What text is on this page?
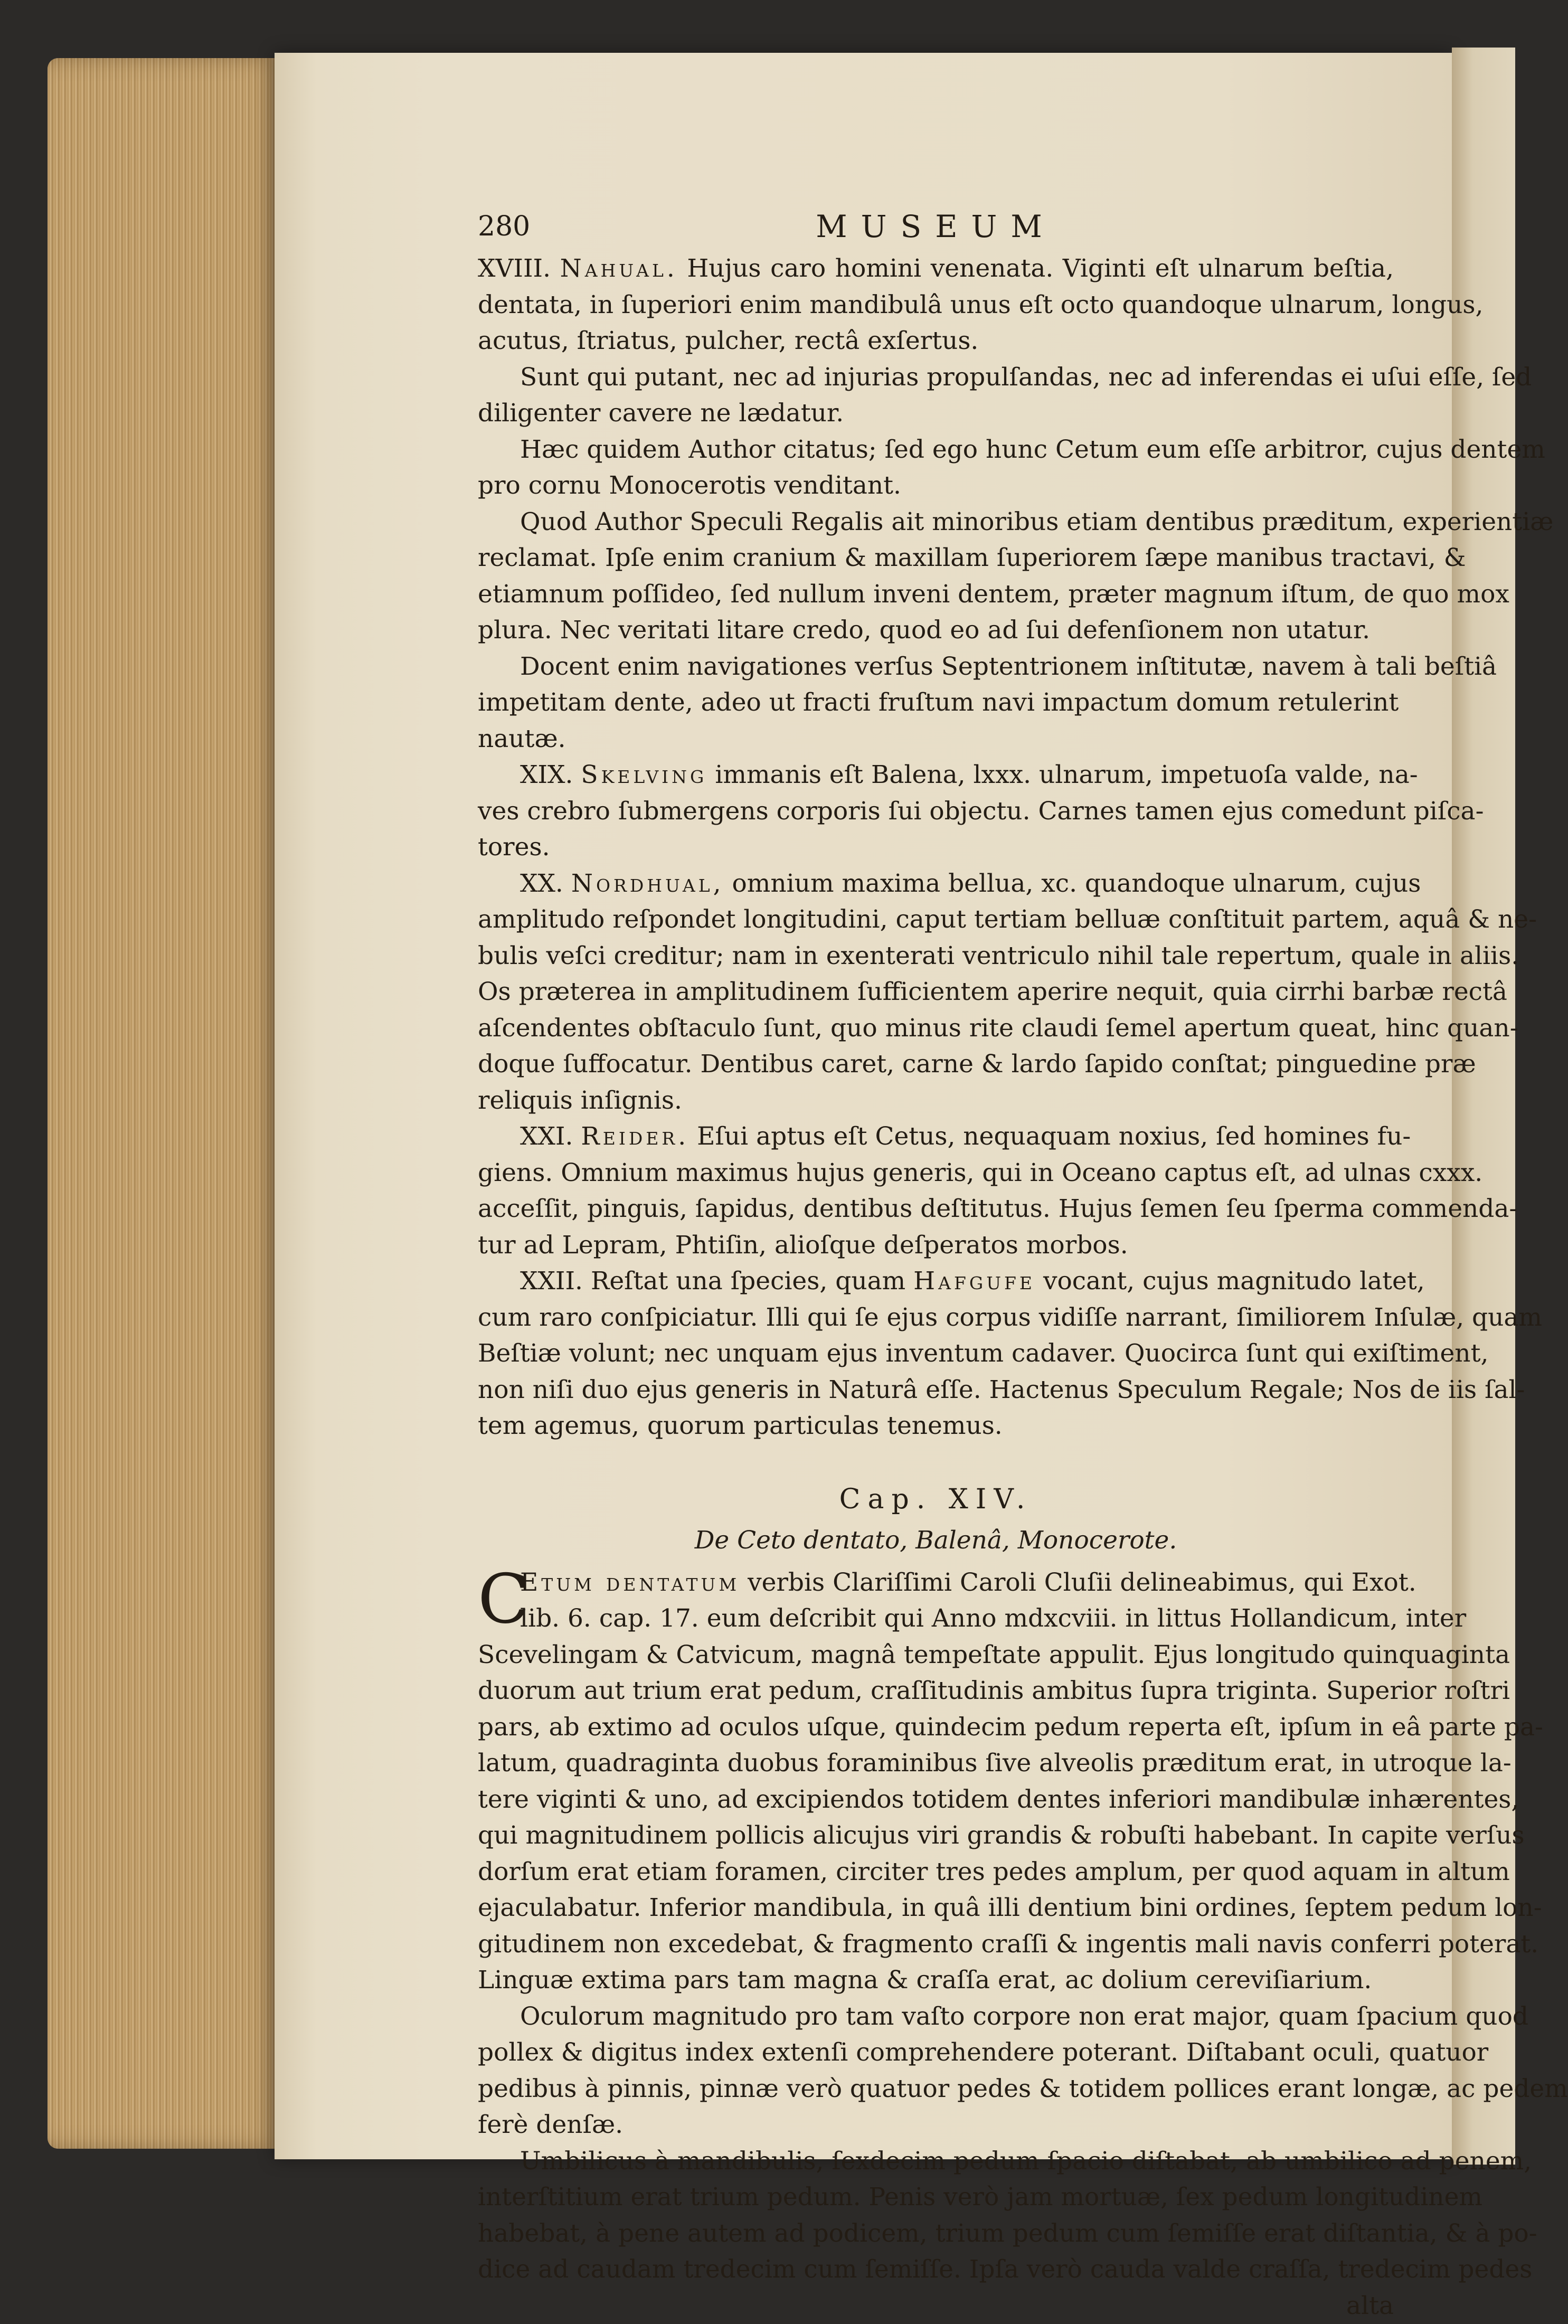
280	MUSEUM
XVIII. Nahual. Hujus caro homini venenata. Viginti eſt ulnarum beſtia,
dentata, in ſuperiori enim mandibulâ unus eſt octo quandoque ulnarum, longus,
acutus, ſtriatus, pulcher, rectâ exſertus.
Sunt qui putant, nec ad injurias propulſandas, nec ad inferendas ei uſui eſſe, ſed
diligenter cavere ne lædatur.
Hæc quidem Author citatus; ſed ego hunc Cetum eum eſſe arbitror, cujus dentem
pro cornu Monocerotis venditant.
Quod Author Speculi Regalis ait minoribus etiam dentibus præditum, experientiæ
reclamat. Ipſe enim cranium & maxillam ſuperiorem ſæpe manibus tractavi, &
etiamnum poſſideo, ſed nullum inveni dentem, præter magnum iſtum, de quo mox
plura. Nec veritati litare credo, quod eo ad ſui defenſionem non utatur.
Docent enim navigationes verſus Septentrionem inſtitutæ, navem à tali beſtiâ
impetitam dente, adeo ut fracti fruſtum navi impactum domum retulerint
nautæ.
XIX. Skelving immanis eſt Balena, lxxx. ulnarum, impetuoſa valde, na-
ves crebro ſubmergens corporis ſui objectu. Carnes tamen ejus comedunt piſca-
tores.
XX. Nordhual, omnium maxima bellua, xc. quandoque ulnarum, cujus
amplitudo reſpondet longitudini, caput tertiam belluæ conſtituit partem, aquâ & ne-
bulis veſci creditur; nam in exenterati ventriculo nihil tale repertum, quale in aliis.
Os præterea in amplitudinem ſufficientem aperire nequit, quia cirrhi barbæ rectâ
aſcendentes obſtaculo ſunt, quo minus rite claudi ſemel apertum queat, hinc quan-
doque ſuffocatur. Dentibus caret, carne & lardo ſapido conſtat; pinguedine præ
reliquis inſignis.
XXI. Reider. Eſui aptus eſt Cetus, nequaquam noxius, ſed homines fu-
giens. Omnium maximus hujus generis, qui in Oceano captus eſt, ad ulnas cxxx.
acceſſit, pinguis, ſapidus, dentibus deſtitutus. Hujus ſemen ſeu ſperma commenda-
tur ad Lepram, Phtiſin, alioſque deſperatos morbos.
XXII. Reſtat una ſpecies, quam Hafgufe vocant, cujus magnitudo latet,
cum raro conſpiciatur. Illi qui ſe ejus corpus vidiſſe narrant, ſimiliorem Inſulæ, quam
Beſtiæ volunt; nec unquam ejus inventum cadaver. Quocirca ſunt qui exiſtiment,
non niſi duo ejus generis in Naturâ eſſe. Hactenus Speculum Regale; Nos de iis ſal-
tem agemus, quorum particulas tenemus.
Cap. XIV.
De Ceto dentato, Balenâ, Monocerote.
C
Etum dentatum verbis Clariſſimi Caroli Cluſii delineabimus, qui Exot.
lib. 6. cap. 17. eum deſcribit qui Anno mdxcviii. in littus Hollandicum, inter
Scevelingam & Catvicum, magnâ tempeſtate appulit. Ejus longitudo quinquaginta
duorum aut trium erat pedum, craſſitudinis ambitus ſupra triginta. Superior roſtri
pars, ab extimo ad oculos uſque, quindecim pedum reperta eſt, ipſum in eâ parte pa-
latum, quadraginta duobus foraminibus ſive alveolis præditum erat, in utroque la-
tere viginti & uno, ad excipiendos totidem dentes inferiori mandibulæ inhærentes,
qui magnitudinem pollicis alicujus viri grandis & robuſti habebant. In capite verſus
dorſum erat etiam foramen, circiter tres pedes amplum, per quod aquam in altum
ejaculabatur. Inferior mandibula, in quâ illi dentium bini ordines, ſeptem pedum lon-
gitudinem non excedebat, & fragmento craſſi & ingentis mali navis conferri poterat.
Linguæ extima pars tam magna & craſſa erat, ac dolium cereviſiarium.
Oculorum magnitudo pro tam vaſto corpore non erat major, quam ſpacium quod
pollex & digitus index extenſi comprehendere poterant. Diſtabant oculi, quatuor
pedibus à pinnis, pinnæ verò quatuor pedes & totidem pollices erant longæ, ac pedem
ferè denſæ.
Umbilicus à mandibulis, ſexdecim pedum ſpacio diſtabat, ab umbilico ad penem,
interſtitium erat trium pedum. Penis verò jam mortuæ, ſex pedum longitudinem
habebat, à pene autem ad podicem, trium pedum cum ſemiſſe erat diſtantia, & à po-
dice ad caudam tredecim cum ſemiſſe. Ipſa verò cauda valde craſſa, tredecim pedes
alta
